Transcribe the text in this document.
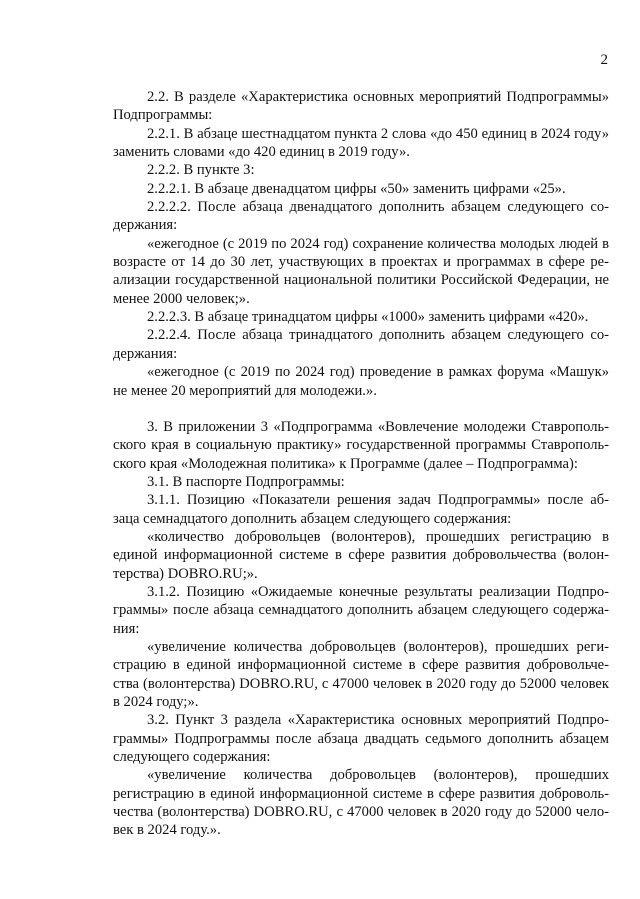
2

2.2. В разделе «Характеристика основных мероприятий Подпрограммы» Подпрограммы:

2.2.1. В абзаце шестнадцатом пункта 2 слова «до 450 единиц в 2024 году» заменить словами «до 420 единиц в 2019 году».

2.2.2. В пункте 3:

2.2.2.1. В абзаце двенадцатом цифры «50» заменить цифрами «25».

2.2.2.2. После абзаца двенадцатого дополнить абзацем следующего со-держания:

«ежегодное (с 2019 по 2024 год) сохранение количества молодых людей в возрасте от 14 до 30 лет, участвующих в проектах и программах в сфере ре-ализации государственной национальной политики Российской Федерации, не менее 2000 человек;».

2.2.2.3. В абзаце тринадцатом цифры «1000» заменить цифрами «420».

2.2.2.4. После абзаца тринадцатого дополнить абзацем следующего со-держания:

«ежегодное (с 2019 по 2024 год) проведение в рамках форума «Машук» не менее 20 мероприятий для молодежи.».

3. В приложении 3 «Подпрограмма «Вовлечение молодежи Ставрополь-ского края в социальную практику» государственной программы Ставрополь-ского края «Молодежная политика» к Программе (далее – Подпрограмма):

3.1. В паспорте Подпрограммы:

3.1.1. Позицию «Показатели решения задач Подпрограммы» после аб-заца семнадцатого дополнить абзацем следующего содержания:

«количество добровольцев (волонтеров), прошедших регистрацию в единой информационной системе в сфере развития добровольчества (волон-терства) DOBRO.RU;».

3.1.2. Позицию «Ожидаемые конечные результаты реализации Подпро-граммы» после абзаца семнадцатого дополнить абзацем следующего содержа-ния:

«увеличение количества добровольцев (волонтеров), прошедших реги-страцию в единой информационной системе в сфере развития добровольче-ства (волонтерства) DOBRO.RU, с 47000 человек в 2020 году до 52000 человек в 2024 году;».

3.2. Пункт 3 раздела «Характеристика основных мероприятий Подпро-граммы» Подпрограммы после абзаца двадцать седьмого дополнить абзацем следующего содержания:

«увеличение количества добровольцев (волонтеров), прошедших регистрацию в единой информационной системе в сфере развития доброволь-чества (волонтерства) DOBRO.RU, с 47000 человек в 2020 году до 52000 чело-век в 2024 году.».
